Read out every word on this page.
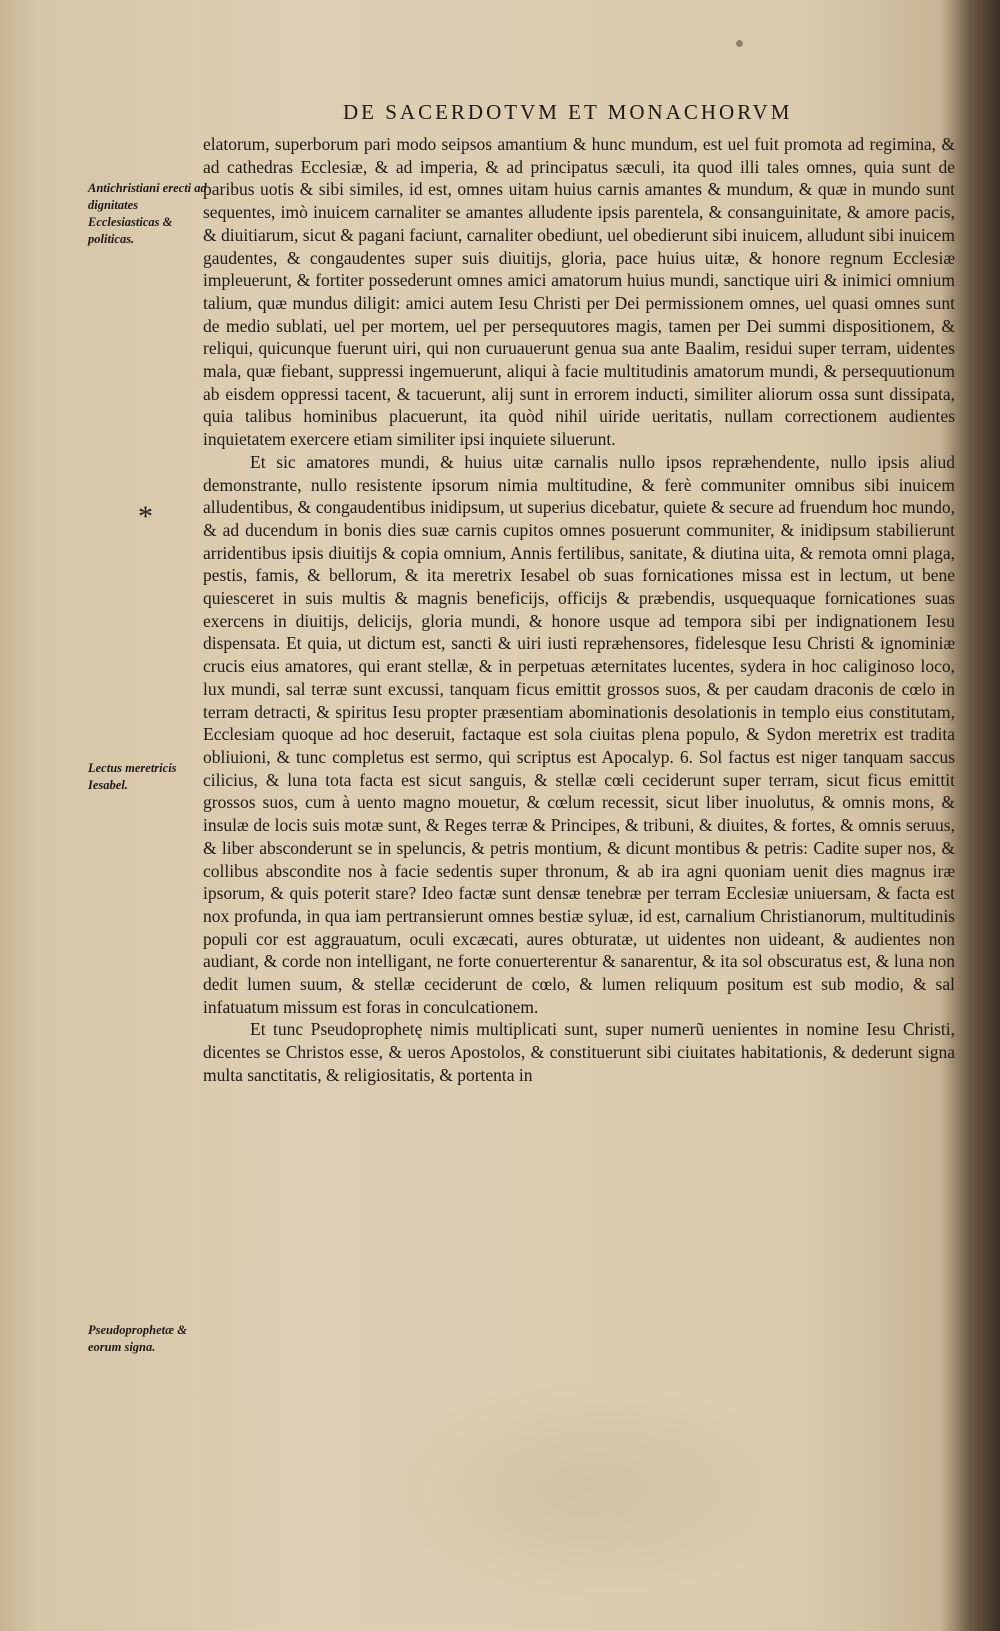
DE SACERDOTVM ET MONACHORVM
Antichristiani erecti ad dignitates Ecclesiasticas & politicas.
*
Lectus meretricis Iesabel.
Pseudoprophetæ & eorum signa.

elatorum, superborum pari modo seipsos amantium & hunc mundum, est uel fuit promota ad regimina, & ad cathedras Ecclesiæ, & ad imperia, & ad principatus sæculi, ita quod illi tales omnes, quia sunt de paribus uotis & sibi similes, id est, omnes uitam huius carnis amantes & mundum, & quæ in mundo sunt sequentes, imò inuicem carnaliter se amantes alludente ipsis parentela, & consanguinitate, & amore pacis, & diuitiarum, sicut & pagani faciunt, carnaliter obediunt, uel obedierunt sibi inuicem, alludunt sibi inuicem gaudentes, & congaudentes super suis diuitijs, gloria, pace huius uitæ, & honore regnum Ecclesiæ impleuerunt, & fortiter possederunt omnes amici amatorum huius mundi, sanctique uiri & inimici omnium talium, quæ mundus diligit: amici autem Iesu Christi per Dei permissionem omnes, uel quasi omnes sunt de medio sublati, uel per mortem, uel per persequutores magis, tamen per Dei summi dispositionem, & reliqui, quicunque fuerunt uiri, qui non curuauerunt genua sua ante Baalim, residui super terram, uidentes mala, quæ fiebant, suppressi ingemuerunt, aliqui à facie multitudinis amatorum mundi, & persequutionum ab eisdem oppressi tacent, & tacuerunt, alij sunt in errorem inducti, similiter aliorum ossa sunt dissipata, quia talibus hominibus placuerunt, ita quòd nihil uiride ueritatis, nullam correctionem audientes inquietatem exercere etiam similiter ipsi inquiete siluerunt.

Et sic amatores mundi, & huius uitæ carnalis nullo ipsos repræhendente, nullo ipsis aliud demonstrante, nullo resistente ipsorum nimia multitudine, & ferè communiter omnibus sibi inuicem alludentibus, & congaudentibus inidipsum, ut superius dicebatur, quiete & secure ad fruendum hoc mundo, & ad ducendum in bonis dies suæ carnis cupitos omnes posuerunt communiter, & inidipsum stabilierunt arridentibus ipsis diuitijs & copia omnium, Annis fertilibus, sanitate, & diutina uita, & remota omni plaga, pestis, famis, & bellorum, & ita meretrix Iesabel ob suas fornicationes missa est in lectum, ut bene quiesceret in suis multis & magnis beneficijs, officijs & præbendis, usquequaque fornicationes suas exercens in diuitijs, delicijs, gloria mundi, & honore usque ad tempora sibi per indignationem Iesu dispensata. Et quia, ut dictum est, sancti & uiri iusti repræhensores, fidelesque Iesu Christi & ignominiæ crucis eius amatores, qui erant stellæ, & in perpetuas æternitates lucentes, sydera in hoc caliginoso loco, lux mundi, sal terræ sunt excussi, tanquam ficus emittit grossos suos, & per caudam draconis de cœlo in terram detracti, & spiritus Iesu propter præsentiam abominationis desolationis in templo eius constitutam, Ecclesiam quoque ad hoc deseruit, factaque est sola ciuitas plena populo, & Sydon meretrix est tradita obliuioni, & tunc completus est sermo, qui scriptus est Apocalyp. 6. Sol factus est niger tanquam saccus cilicius, & luna tota facta est sicut sanguis, & stellæ cœli ceciderunt super terram, sicut ficus emittit grossos suos, cum à uento magno mouetur, & cœlum recessit, sicut liber inuolutus, & omnis mons, & insulæ de locis suis motæ sunt, & Reges terræ & Principes, & tribuni, & diuites, & fortes, & omnis seruus, & liber absconderunt se in speluncis, & petris montium, & dicunt montibus & petris: Cadite super nos, & collibus abscondite nos à facie sedentis super thronum, & ab ira agni quoniam uenit dies magnus iræ ipsorum, & quis poterit stare? Ideo factæ sunt densæ tenebræ per terram Ecclesiæ uniuersam, & facta est nox profunda, in qua iam pertransierunt omnes bestiæ syluæ, id est, carnalium Christianorum, multitudinis populi cor est aggrauatum, oculi excæcati, aures obturatæ, ut uidentes non uideant, & audientes non audiant, & corde non intelligant, ne forte conuerterentur & sanarentur, & ita sol obscuratus est, & luna non dedit lumen suum, & stellæ ceciderunt de cœlo, & lumen reliquum positum est sub modio, & sal infatuatum missum est foras in conculcationem.

Et tunc Pseudoprophetę nimis multiplicati sunt, super numerũ uenientes in nomine Iesu Christi, dicentes se Christos esse, & ueros Apostolos, & constituerunt sibi ciuitates habitationis, & dederunt signa multa sanctitatis, & religiositatis, & portenta in
